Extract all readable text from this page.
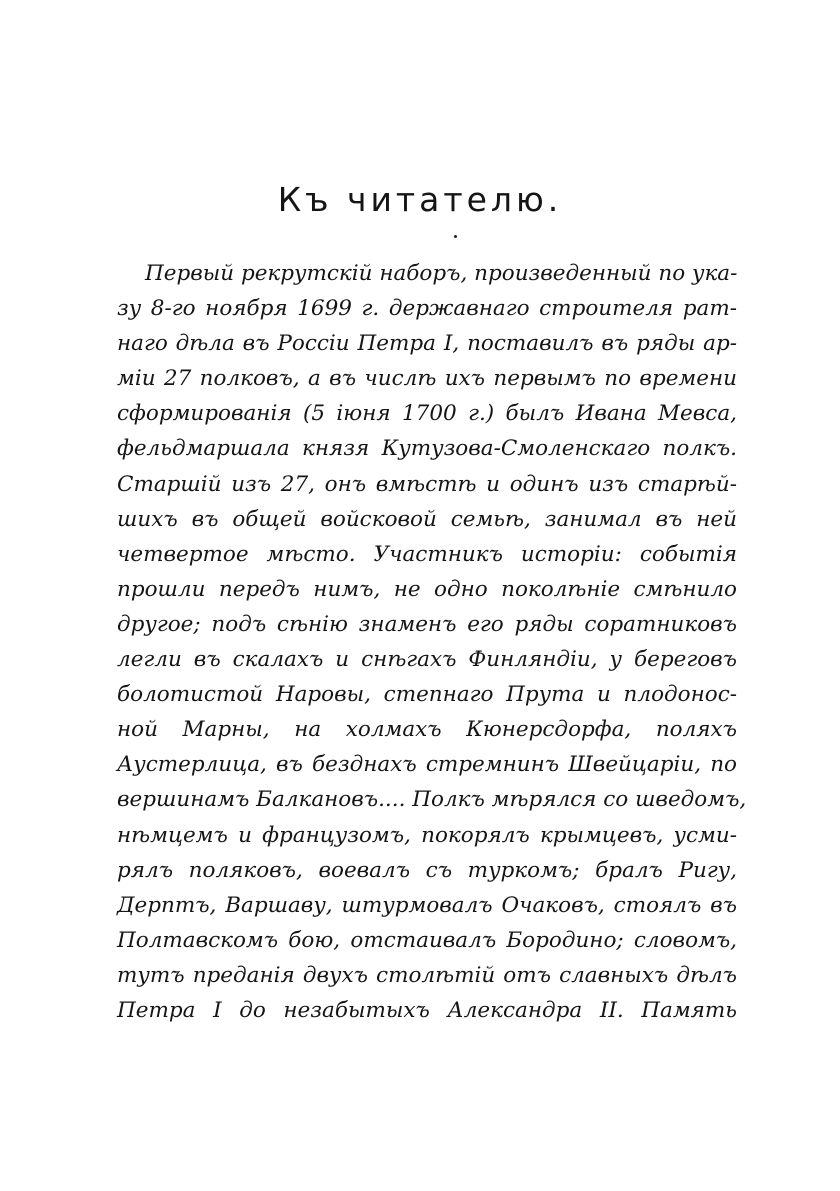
Къ читателю.
Первый рекрутскій наборъ, произведенный по ука-
зу 8-го ноября 1699 г. державнаго строителя рат-
наго дѣла въ Россіи Петра I, поставилъ въ ряды ар-
міи 27 полковъ, а въ числѣ ихъ первымъ по времени
сформированія (5 іюня 1700 г.) былъ Ивана Мевса,
фельдмаршала князя Кутузова-Смоленскаго полкъ.
Старшій изъ 27, онъ вмѣстѣ и одинъ изъ старѣй-
шихъ въ общей войсковой семьѣ, занимал въ ней
четвертое мѣсто. Участникъ исторіи: событія
прошли передъ нимъ, не одно поколѣніе смѣнило
другое; подъ сѣнію знаменъ его ряды соратниковъ
легли въ скалахъ и снѣгахъ Финляндіи, у береговъ
болотистой Наровы, степнаго Прута и плодонос-
ной Марны, на холмахъ Кюнерсдорфа, поляхъ
Аустерлица, въ безднахъ стремнинъ Швейцаріи, по
вершинамъ Балкановъ.... Полкъ мѣрялся со шведомъ,
нѣмцемъ и французомъ, покорялъ крымцевъ, усми-
рялъ поляковъ, воевалъ съ туркомъ; бралъ Ригу,
Дерптъ, Варшаву, штурмовалъ Очаковъ, стоялъ въ
Полтавскомъ бою, отстаивалъ Бородино; словомъ,
тутъ преданія двухъ столѣтій отъ славныхъ дѣлъ
Петра I до незабытыхъ Александра II. Память
